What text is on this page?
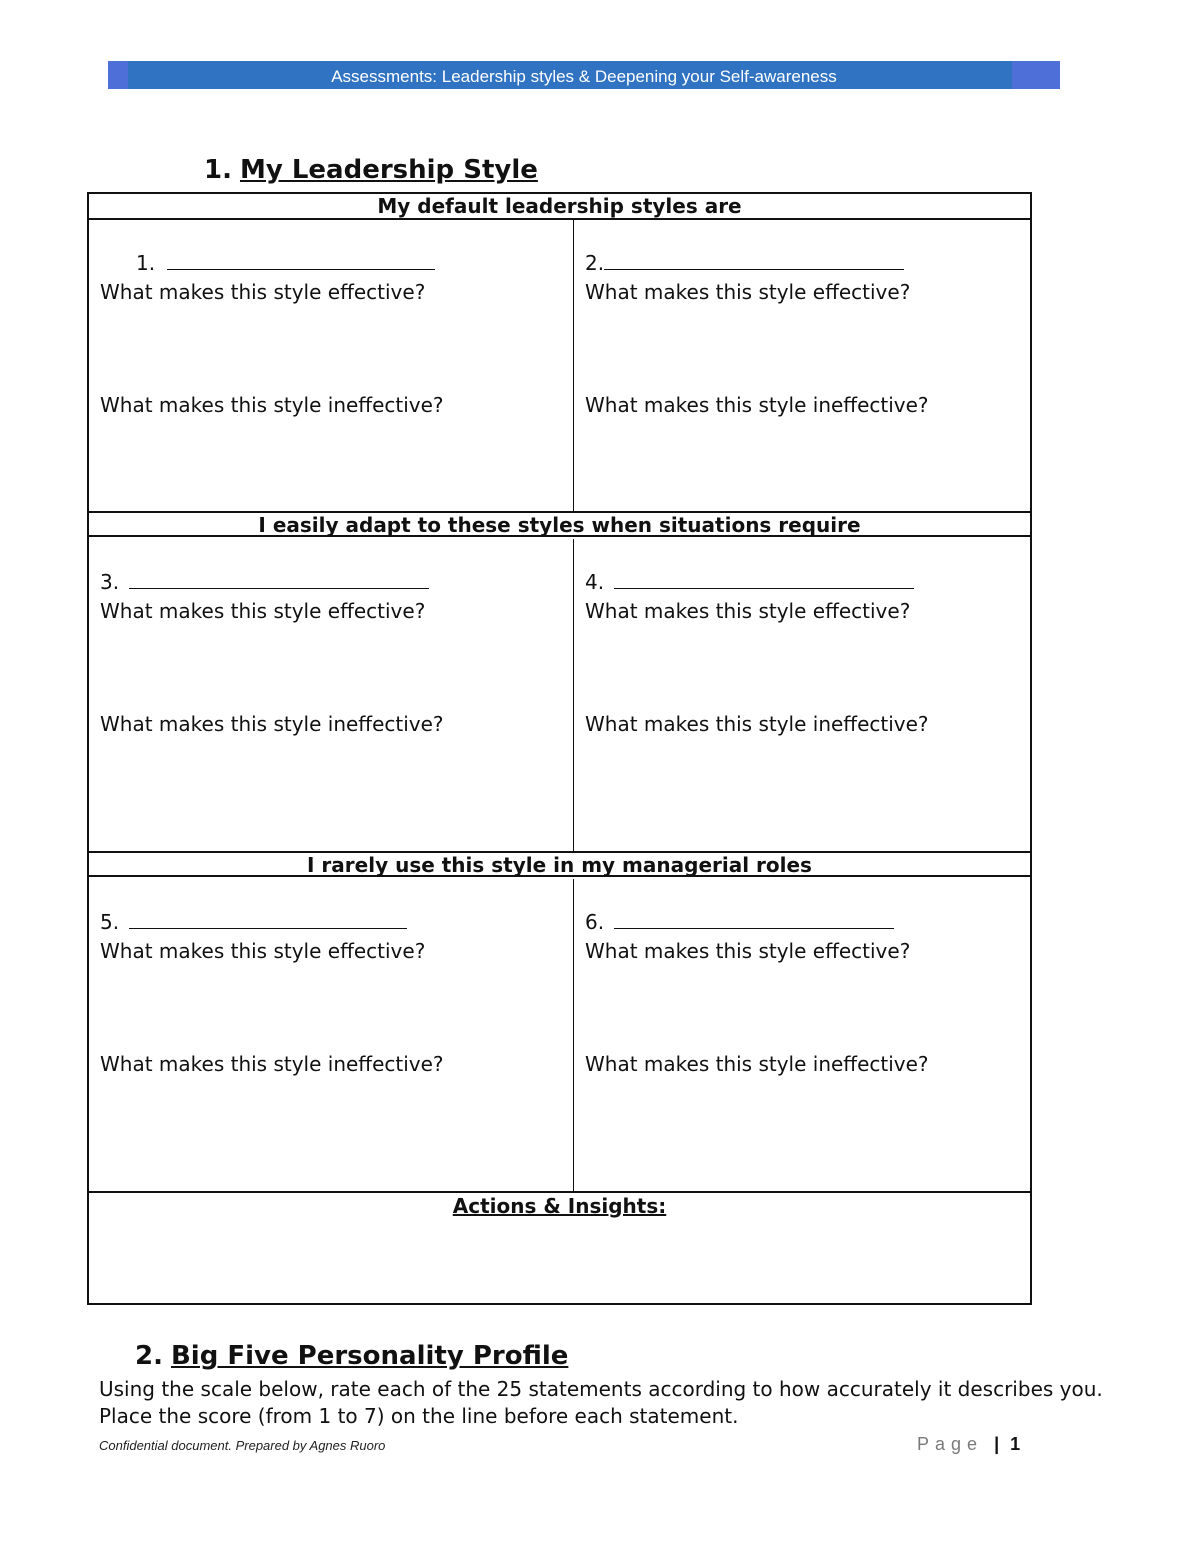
Assessments: Leadership styles & Deepening your Self-awareness
1. My Leadership Style
My default leadership styles are
I easily adapt to these styles when situations require
I rarely use this style in my managerial roles
1.
What makes this style effective?
What makes this style ineffective?
2.
What makes this style effective?
What makes this style ineffective?
3.
What makes this style effective?
What makes this style ineffective?
4.
What makes this style effective?
What makes this style ineffective?
5.
What makes this style effective?
What makes this style ineffective?
6.
What makes this style effective?
What makes this style ineffective?
Actions & Insights:
2. Big Five Personality Profile
Using the scale below, rate each of the 25 statements according to how accurately it describes you.
Place the score (from 1 to 7) on the line before each statement.
Confidential document. Prepared by Agnes Ruoro	Page | 1
